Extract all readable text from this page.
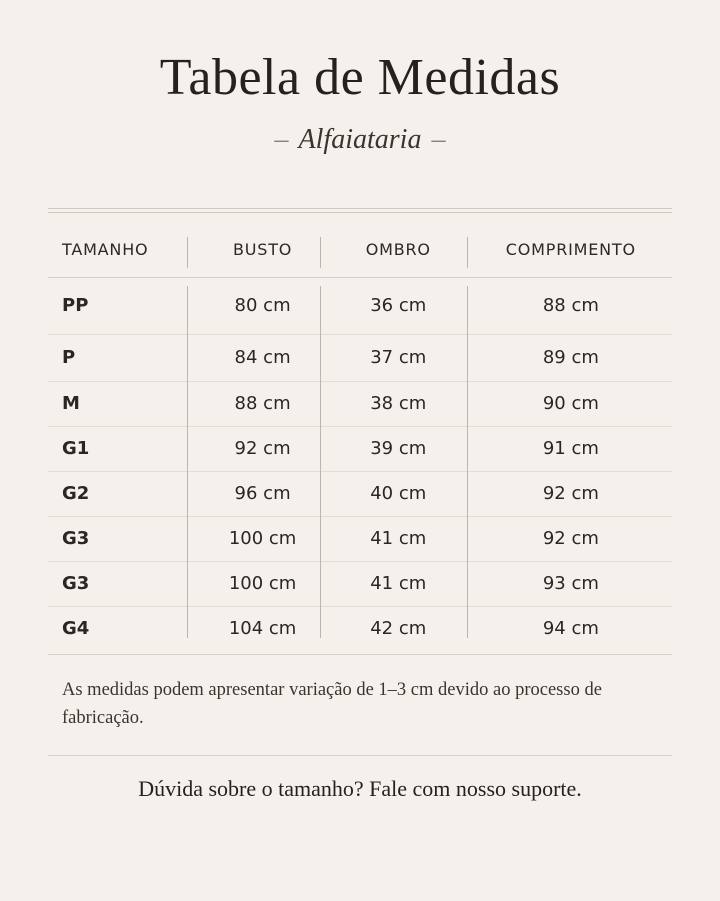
Tabela de Medidas
– Alfaiataria –
TAMANHO	BUSTO	OMBRO	COMPRIMENTO
PP	80 cm	36 cm	88 cm
P	84 cm	37 cm	89 cm
M	88 cm	38 cm	90 cm
G1	92 cm	39 cm	91 cm
G2	96 cm	40 cm	92 cm
G3	100 cm	41 cm	92 cm
G3	100 cm	41 cm	93 cm
G4	104 cm	42 cm	94 cm
As medidas podem apresentar variação de 1–3 cm devido ao processo de fabricação.
Dúvida sobre o tamanho? Fale com nosso suporte.
